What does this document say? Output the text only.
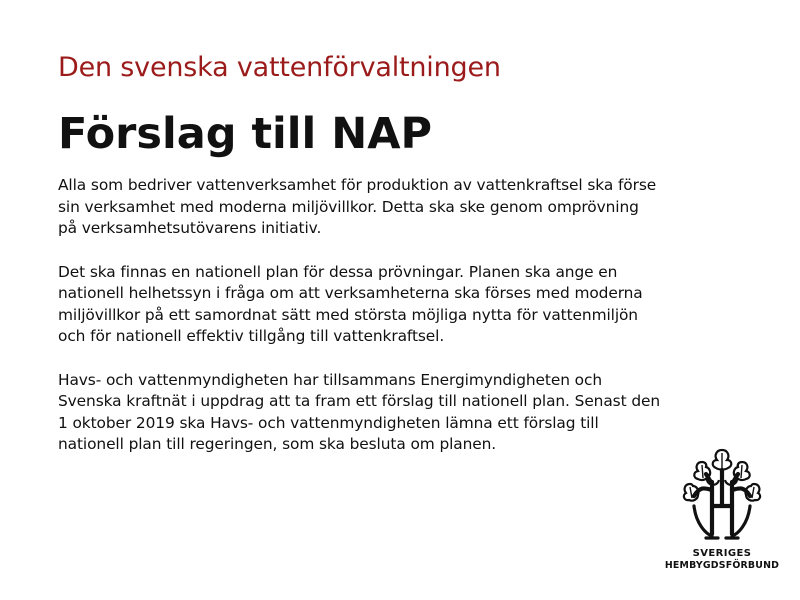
Den svenska vattenförvaltningen
Förslag till NAP
Alla som bedriver vattenverksamhet för produktion av vattenkraftsel ska förse
sin verksamhet med moderna miljövillkor. Detta ska ske genom omprövning
på verksamhetsutövarens initiativ.
Det ska finnas en nationell plan för dessa prövningar. Planen ska ange en
nationell helhetssyn i fråga om att verksamheterna ska förses med moderna
miljövillkor på ett samordnat sätt med största möjliga nytta för vattenmiljön
och för nationell effektiv tillgång till vattenkraftsel.
Havs- och vattenmyndigheten har tillsammans Energimyndigheten och
Svenska kraftnät i uppdrag att ta fram ett förslag till nationell plan. Senast den
1 oktober 2019 ska Havs- och vattenmyndigheten lämna ett förslag till
nationell plan till regeringen, som ska besluta om planen.
SVERIGES
HEMBYGDSFÖRBUND
